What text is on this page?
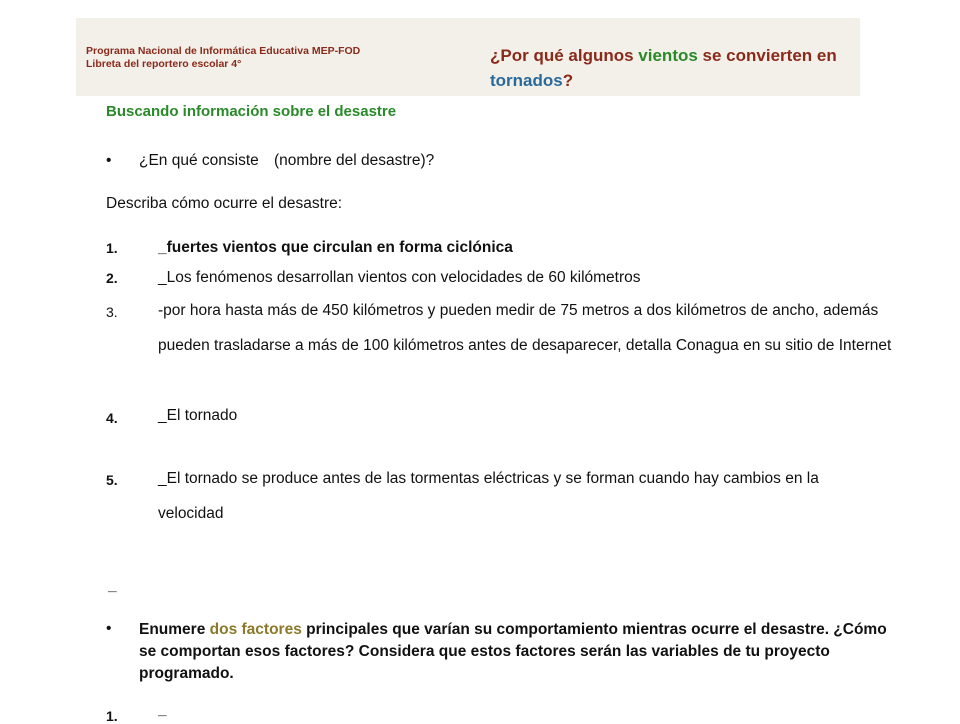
Programa Nacional de Informática Educativa MEP-FOD
Libreta del reportero escolar 4°	¿Por qué algunos vientos se convierten en
tornados?
Buscando información sobre el desastre
• ¿En qué consiste (nombre del desastre)?
Describa cómo ocurre el desastre:
1.	_fuertes vientos que circulan en forma ciclónica
2.	_Los fenómenos desarrollan vientos con velocidades de 60 kilómetros
3.	-por hora hasta más de 450 kilómetros y pueden medir de 75 metros a dos kilómetros de ancho, además pueden trasladarse a más de 100 kilómetros antes de desaparecer, detalla Conagua en su sitio de Internet
4.	_El tornado
5.	_El tornado se produce antes de las tormentas eléctricas y se forman cuando hay cambios en la velocidad
_
• Enumere dos factores principales que varían su comportamiento mientras ocurre el desastre. ¿Cómo se comportan esos factores? Considera que estos factores serán las variables de tu proyecto programado.
1.	_
